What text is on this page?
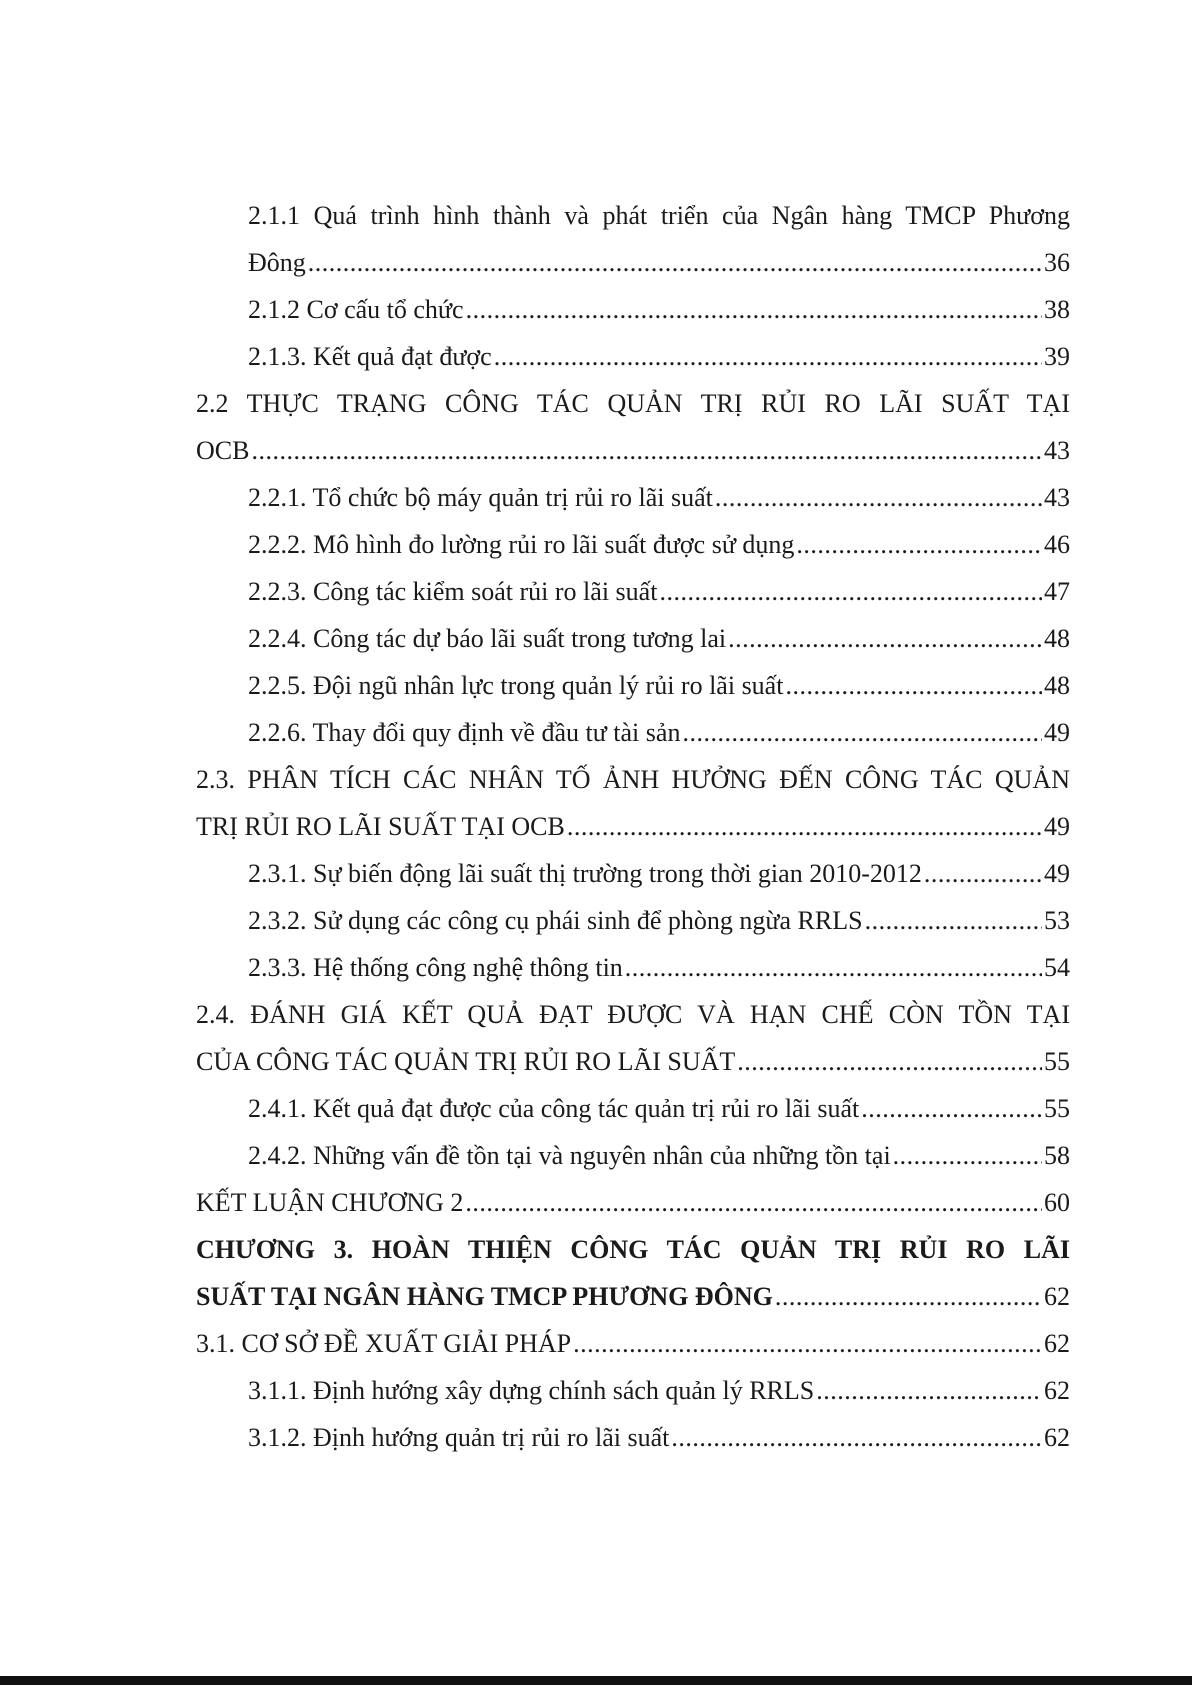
2.1.1 Quá trình hình thành và phát triển của Ngân hàng TMCP Phương
Đông .....	36
2.1.2 Cơ cấu tổ chức .....	38
2.1.3. Kết quả đạt được .....	39
2.2 THỰC TRẠNG CÔNG TÁC QUẢN TRỊ RỦI RO LÃI SUẤT TẠI
OCB .....	43
2.2.1. Tổ chức bộ máy quản trị rủi ro lãi suất .....	43
2.2.2. Mô hình đo lường rủi ro lãi suất được sử dụng .....	46
2.2.3. Công tác kiểm soát rủi ro lãi suất .....	47
2.2.4. Công tác dự báo lãi suất trong tương lai .....	48
2.2.5. Đội ngũ nhân lực trong quản lý rủi ro lãi suất .....	48
2.2.6. Thay đổi quy định về đầu tư tài sản .....	49
2.3. PHÂN TÍCH CÁC NHÂN TỐ ẢNH HƯỞNG ĐẾN CÔNG TÁC QUẢN
TRỊ RỦI RO LÃI SUẤT TẠI OCB .....	49
2.3.1. Sự biến động lãi suất thị trường trong thời gian 2010-2012 .....	49
2.3.2. Sử dụng các công cụ phái sinh để phòng ngừa RRLS .....	53
2.3.3. Hệ thống công nghệ thông tin .....	54
2.4. ĐÁNH GIÁ KẾT QUẢ ĐẠT ĐƯỢC VÀ HẠN CHẾ CÒN TỒN TẠI
CỦA CÔNG TÁC QUẢN TRỊ RỦI RO LÃI SUẤT .....	55
2.4.1. Kết quả đạt được của công tác quản trị rủi ro lãi suất .....	55
2.4.2. Những vấn đề tồn tại và nguyên nhân của những tồn tại .....	58
KẾT LUẬN CHƯƠNG 2 .....	60
CHƯƠNG 3. HOÀN THIỆN CÔNG TÁC QUẢN TRỊ RỦI RO LÃI
SUẤT TẠI NGÂN HÀNG TMCP PHƯƠNG ĐÔNG .....	62
3.1. CƠ SỞ ĐỀ XUẤT GIẢI PHÁP .....	62
3.1.1. Định hướng xây dựng chính sách quản lý RRLS .....	62
3.1.2. Định hướng quản trị rủi ro lãi suất .....	62
